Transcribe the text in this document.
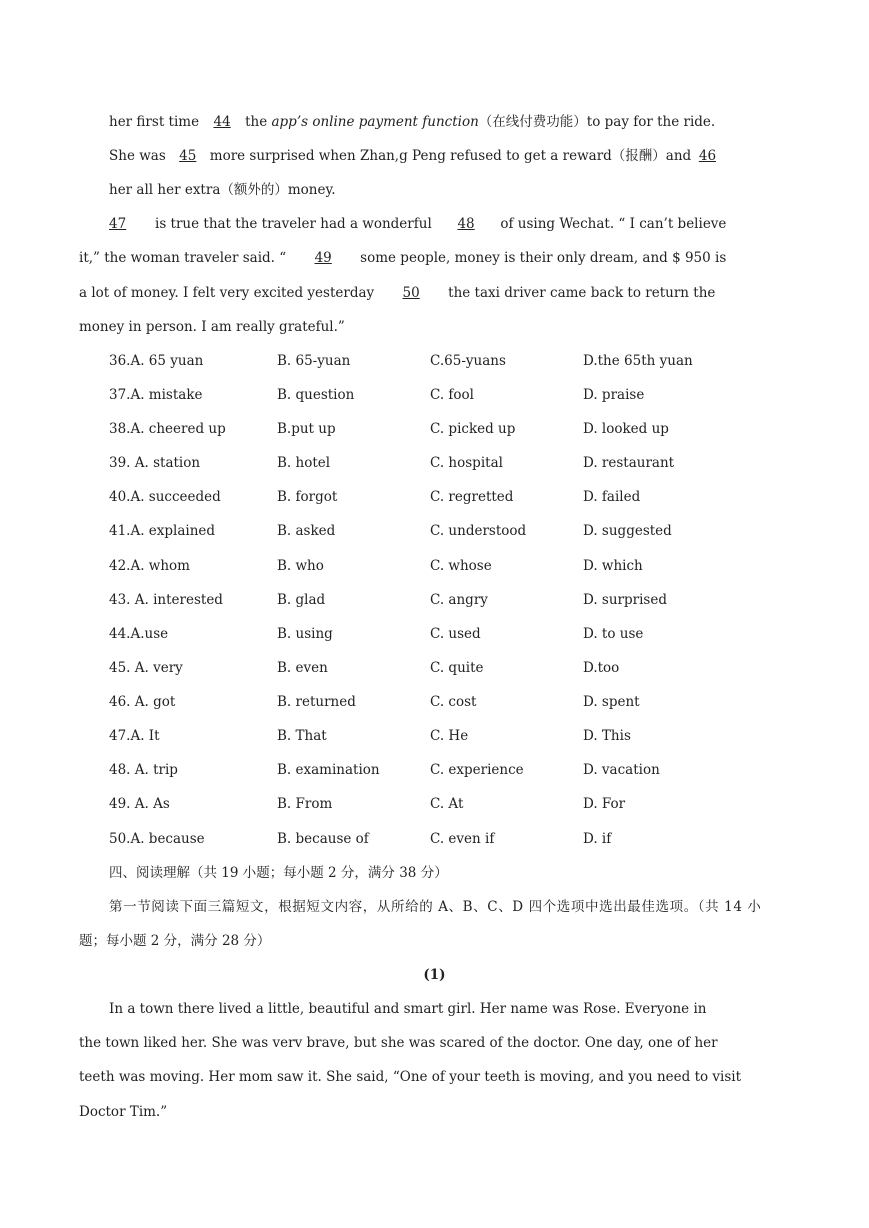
her first time 44 the app’s online payment function（在线付费功能）to pay for the ride.
She was 45 more surprised when Zhan,g Peng refused to get a reward（报酬）and 46
her all her extra（额外的）money.
47 is true that the traveler had a wonderful 48 of using Wechat. “ I can’t believe
it,” the woman traveler said. “ 49 some people, money is their only dream, and $ 950 is
a lot of money. I felt very excited yesterday 50 the taxi driver came back to return the
money in person. I am really grateful.”
36.A. 65 yuan	B. 65-yuan	C.65-yuans	D.the 65th yuan
37.A. mistake	B. question	C. fool	D. praise
38.A. cheered up	B.put up	C. picked up	D. looked up
39. A. station	B. hotel	C. hospital	D. restaurant
40.A. succeeded	B. forgot	C. regretted	D. failed
41.A. explained	B. asked	C. understood	D. suggested
42.A. whom	B. who	C. whose	D. which
43. A. interested	B. glad	C. angry	D. surprised
44.A.use	B. using	C. used	D. to use
45. A. very	B. even	C. quite	D.too
46. A. got	B. returned	C. cost	D. spent
47.A. It	B. That	C. He	D. This
48. A. trip	B. examination	C. experience	D. vacation
49. A. As	B. From	C. At	D. For
50.A. because	B. because of	C. even if	D. if
四、阅读理解（共 19 小题；每小题 2 分，满分 38 分）
第一节阅读下面三篇短文，根据短文内容，从所给的 A、B、C、D 四个选项中选出最佳选项。（共 14 小
题；每小题 2 分，满分 28 分）
(1)
In a town there lived a little, beautiful and smart girl. Her name was Rose. Everyone in
the town liked her. She was verv brave, but she was scared of the doctor. One day, one of her
teeth was moving. Her mom saw it. She said, “One of your teeth is moving, and you need to visit
Doctor Tim.”
